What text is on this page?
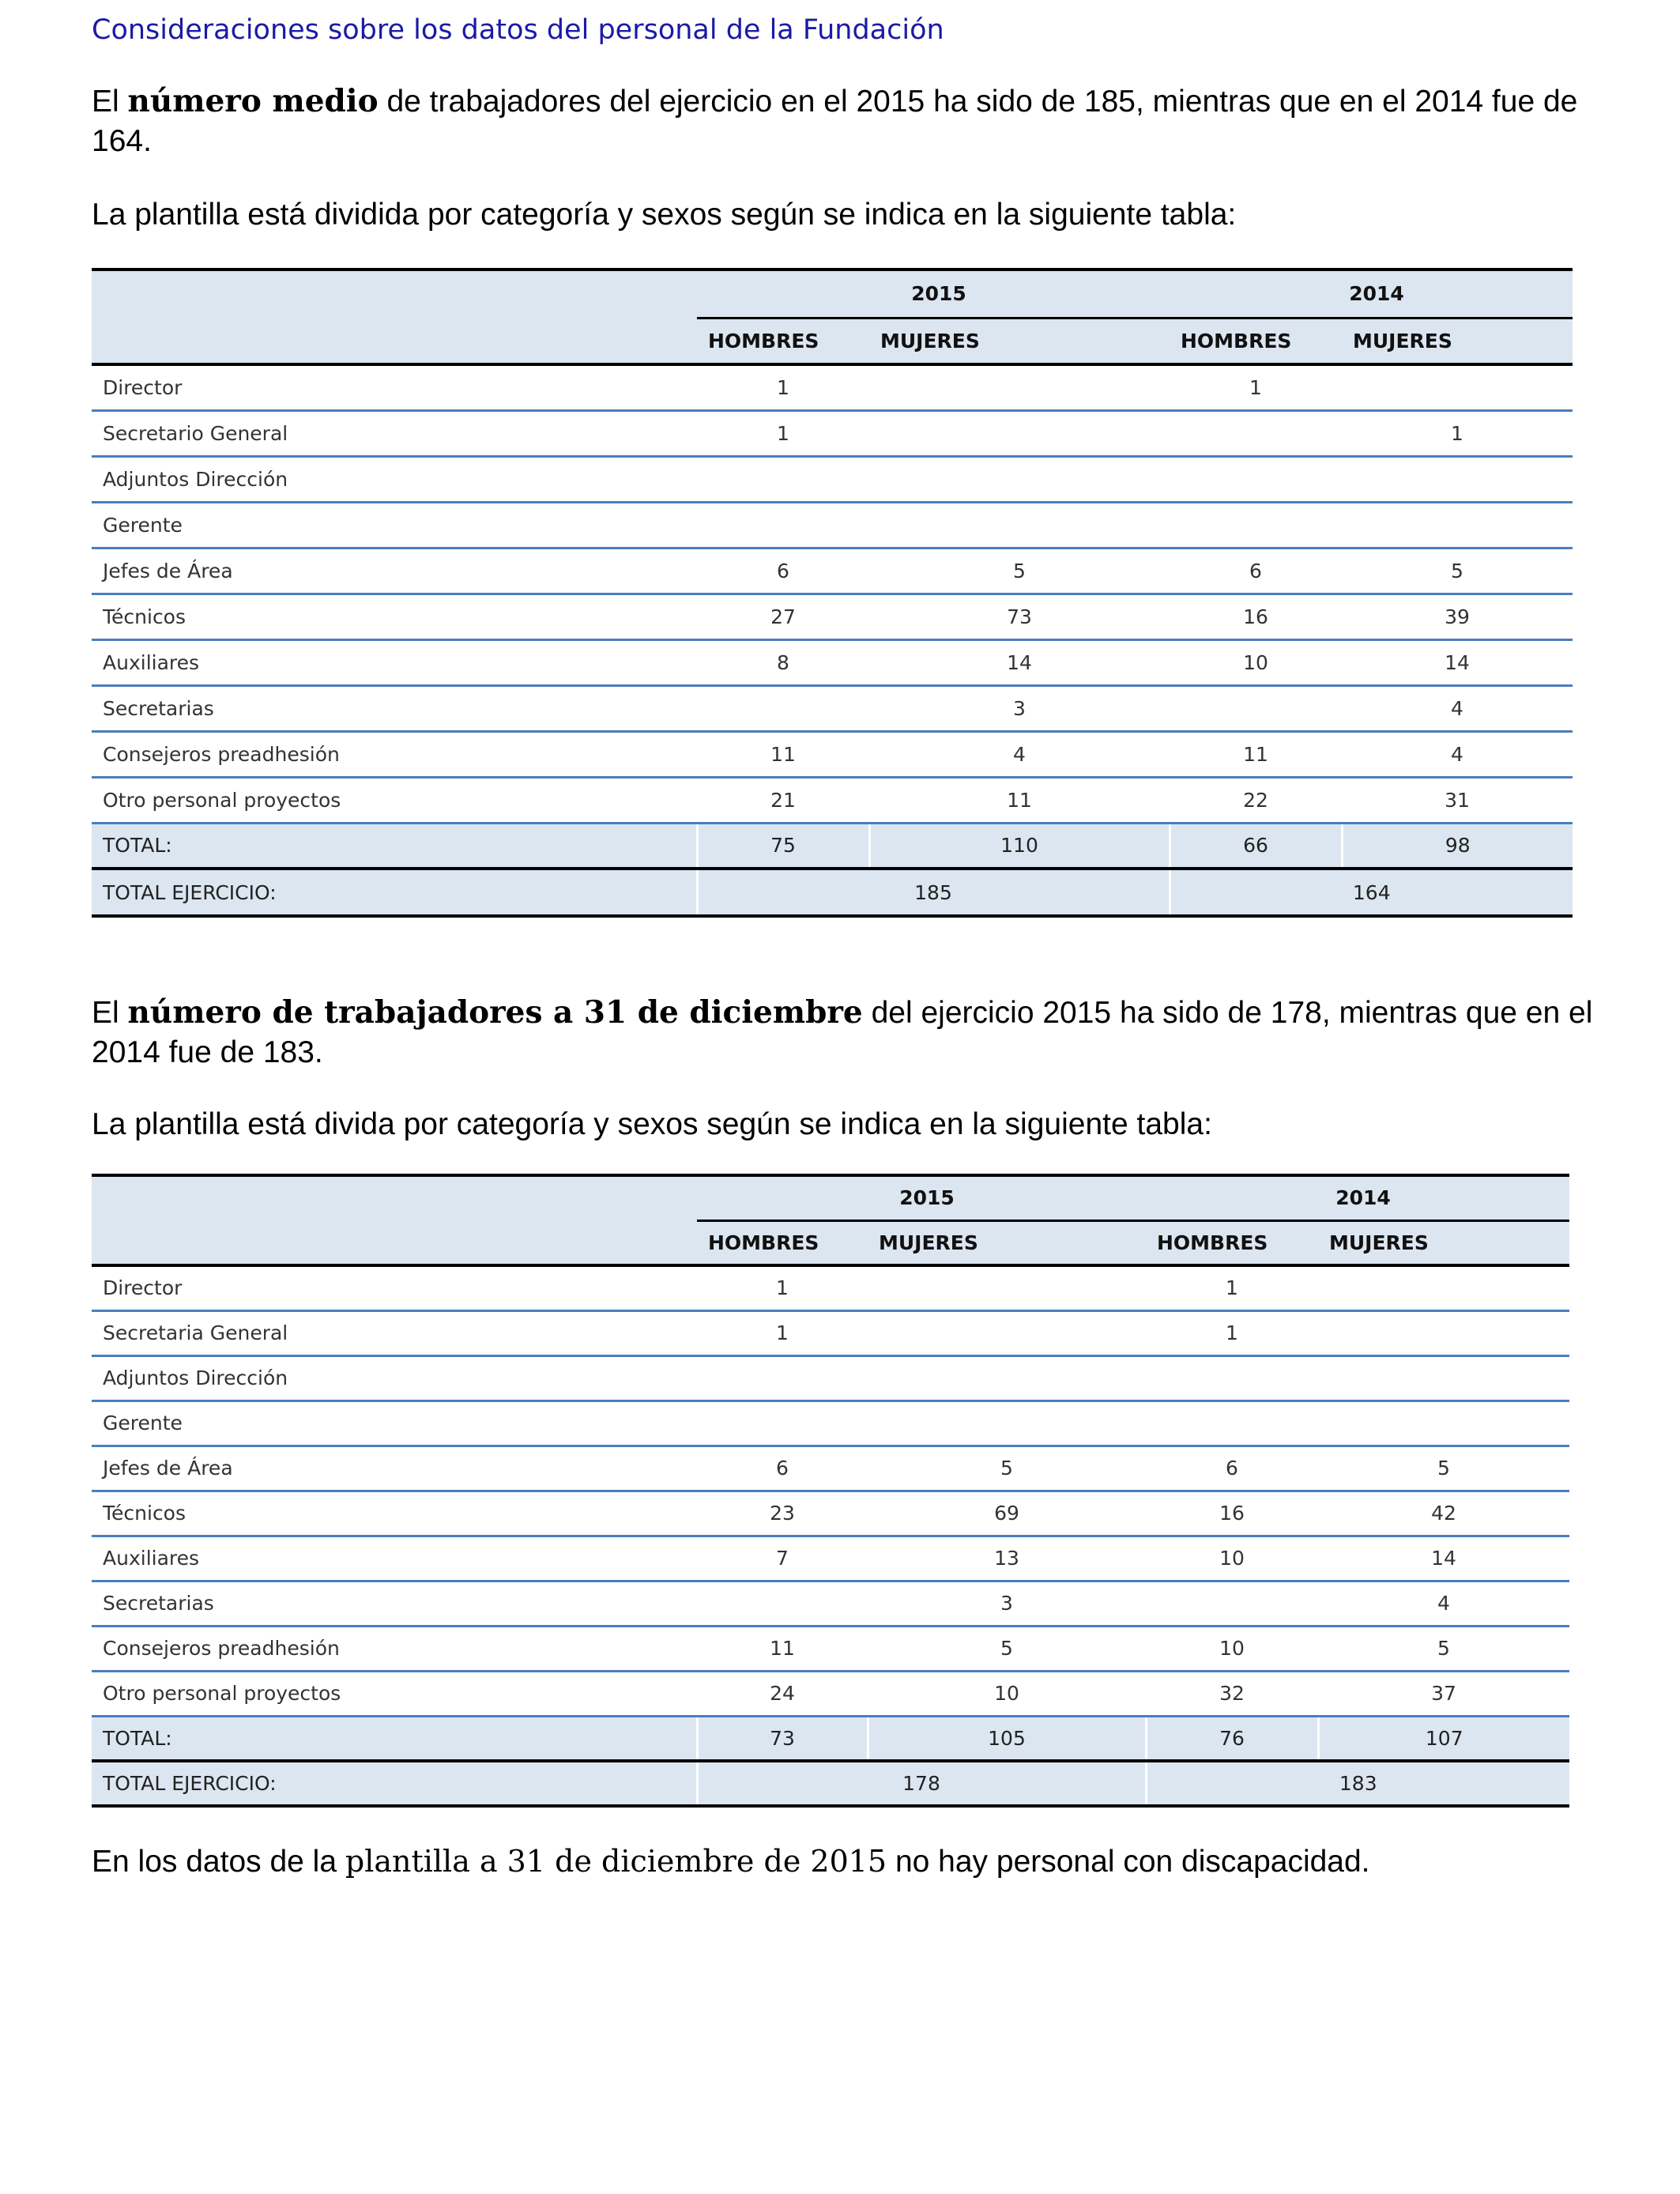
Consideraciones sobre los datos del personal de la Fundación
El número medio de trabajadores del ejercicio en el 2015 ha sido de 185, mientras que en el 2014 fue de 164.
La plantilla está dividida por categoría y sexos según se indica en la siguiente tabla:
	2015		2014	
	HOMBRES	MUJERES	HOMBRES	MUJERES
Director	1		1	
Secretario General	1			1
Adjuntos Dirección				
Gerente				
Jefes de Área	6	5	6	5
Técnicos	27	73	16	39
Auxiliares	8	14	10	14
Secretarias		3		4
Consejeros preadhesión	11	4	11	4
Otro personal proyectos	21	11	22	31
TOTAL:	75	110	66	98
TOTAL EJERCICIO:	185		164	
El número de trabajadores a 31 de diciembre del ejercicio 2015 ha sido de 178, mientras que en el 2014 fue de 183.
La plantilla está divida por categoría y sexos según se indica en la siguiente tabla:
	2015		2014	
	HOMBRES	MUJERES	HOMBRES	MUJERES
Director	1		1	
Secretaria General	1		1	
Adjuntos Dirección				
Gerente				
Jefes de Área	6	5	6	5
Técnicos	23	69	16	42
Auxiliares	7	13	10	14
Secretarias		3		4
Consejeros preadhesión	11	5	10	5
Otro personal proyectos	24	10	32	37
TOTAL:	73	105	76	107
TOTAL EJERCICIO:	178		183	
En los datos de la plantilla a 31 de diciembre de 2015 no hay personal con discapacidad.
